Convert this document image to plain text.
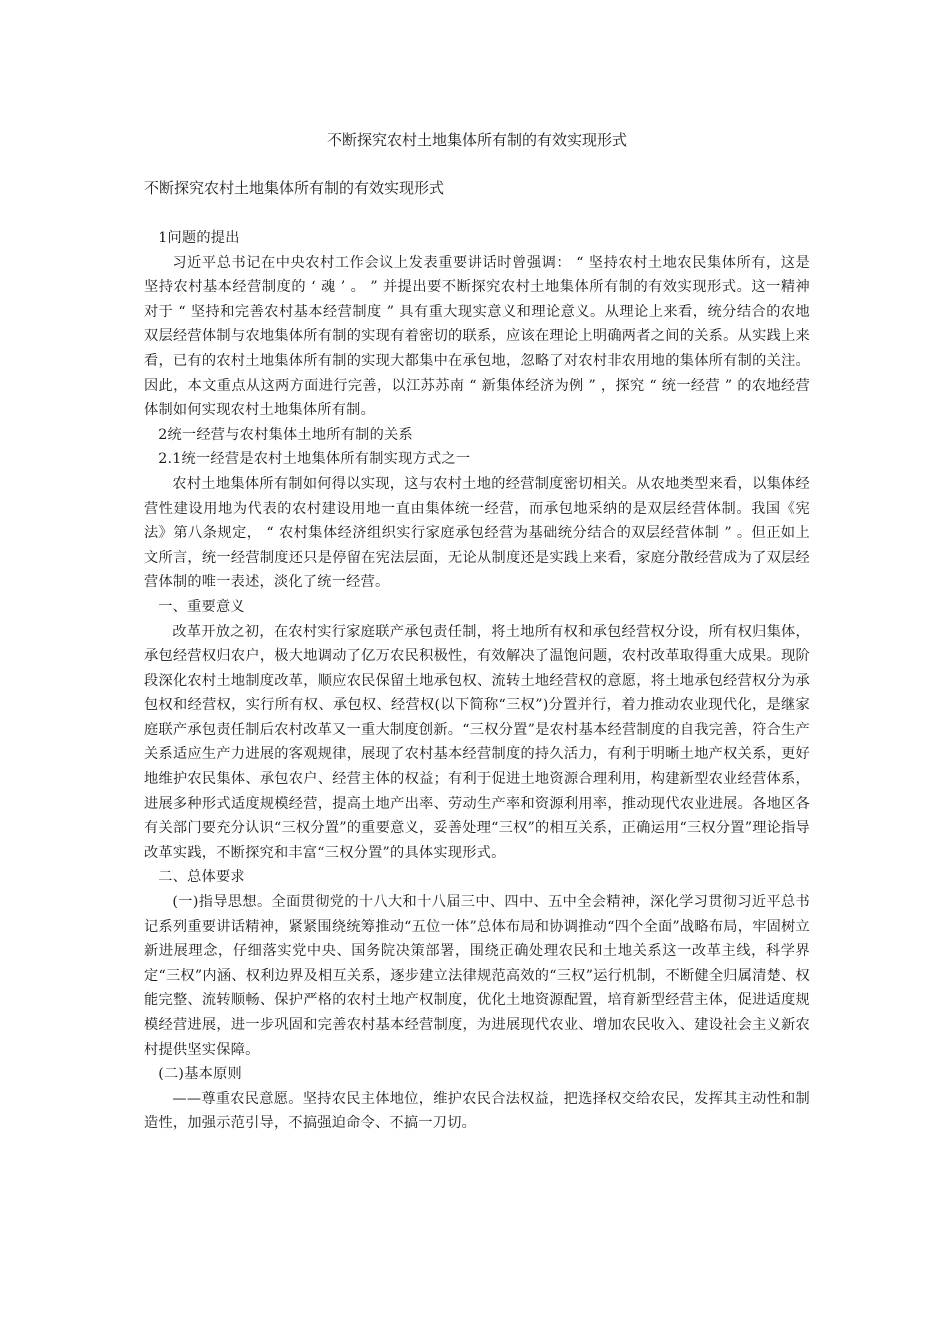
不断探究农村土地集体所有制的有效实现形式
不断探究农村土地集体所有制的有效实现形式

1问题的提出

习近平总书记在中央农村工作会议上发表重要讲话时曾强调： “ 坚持农村土地农民集体所有，这是坚持农村基本经营制度的 ‘ 魂 ’ 。 ” 并提出要不断探究农村土地集体所有制的有效实现形式。这一精神对于 “ 坚持和完善农村基本经营制度 ” 具有重大现实意义和理论意义。从理论上来看，统分结合的农地双层经营体制与农地集体所有制的实现有着密切的联系，应该在理论上明确两者之间的关系。从实践上来看，已有的农村土地集体所有制的实现大都集中在承包地，忽略了对农村非农用地的集体所有制的关注。因此，本文重点从这两方面进行完善，以江苏苏南 “ 新集体经济为例 ” ，探究 “ 统一经营 ” 的农地经营体制如何实现农村土地集体所有制。

2统一经营与农村集体土地所有制的关系

2.1统一经营是农村土地集体所有制实现方式之一

农村土地集体所有制如何得以实现，这与农村土地的经营制度密切相关。从农地类型来看，以集体经营性建设用地为代表的农村建设用地一直由集体统一经营，而承包地采纳的是双层经营体制。我国《宪法》第八条规定， “ 农村集体经济组织实行家庭承包经营为基础统分结合的双层经营体制 ” 。但正如上文所言，统一经营制度还只是停留在宪法层面，无论从制度还是实践上来看，家庭分散经营成为了双层经营体制的唯一表述，淡化了统一经营。

一、重要意义

改革开放之初，在农村实行家庭联产承包责任制，将土地所有权和承包经营权分设，所有权归集体，承包经营权归农户，极大地调动了亿万农民积极性，有效解决了温饱问题，农村改革取得重大成果。现阶段深化农村土地制度改革，顺应农民保留土地承包权、流转土地经营权的意愿，将土地承包经营权分为承包权和经营权，实行所有权、承包权、经营权(以下简称“三权”)分置并行，着力推动农业现代化，是继家庭联产承包责任制后农村改革又一重大制度创新。“三权分置”是农村基本经营制度的自我完善，符合生产关系适应生产力进展的客观规律，展现了农村基本经营制度的持久活力，有利于明晰土地产权关系，更好地维护农民集体、承包农户、经营主体的权益；有利于促进土地资源合理利用，构建新型农业经营体系，进展多种形式适度规模经营，提高土地产出率、劳动生产率和资源利用率，推动现代农业进展。各地区各有关部门要充分认识“三权分置”的重要意义，妥善处理“三权”的相互关系，正确运用“三权分置”理论指导改革实践，不断探究和丰富“三权分置”的具体实现形式。

二、总体要求

(一)指导思想。全面贯彻党的十八大和十八届三中、四中、五中全会精神，深化学习贯彻习近平总书记系列重要讲话精神，紧紧围绕统筹推动“五位一体”总体布局和协调推动“四个全面”战略布局，牢固树立新进展理念，仔细落实党中央、国务院决策部署，围绕正确处理农民和土地关系这一改革主线，科学界定“三权”内涵、权利边界及相互关系，逐步建立法律规范高效的“三权”运行机制，不断健全归属清楚、权能完整、流转顺畅、保护严格的农村土地产权制度，优化土地资源配置，培育新型经营主体，促进适度规模经营进展，进一步巩固和完善农村基本经营制度，为进展现代农业、增加农民收入、建设社会主义新农村提供坚实保障。

(二)基本原则

——尊重农民意愿。坚持农民主体地位，维护农民合法权益，把选择权交给农民，发挥其主动性和制造性，加强示范引导，不搞强迫命令、不搞一刀切。
